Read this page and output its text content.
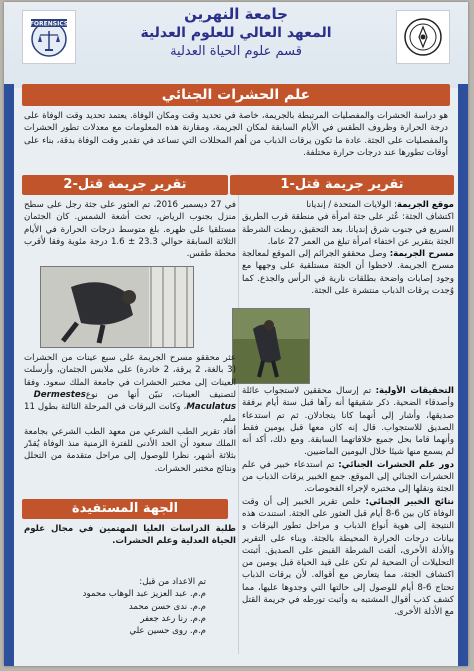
FORENSICS
جامعة النهرين
المعهد العالي للعلوم العدلية
قسم علوم الحياة العدلية
علم الحشرات الجنائي
هو دراسة الحشرات والمفصليات المرتبطة بالجريمة، خاصة في تحديد وقت ومكان الوفاة. يعتمد تحديد وقت الوفاة على درجة الحرارة وظروف الطقس في الأيام السابقة لمكان الجريمة، ومقارنة هذه المعلومات مع معدلات تطور الحشرات والمفصليات على الجثة. عادة ما تكون يرقات الذباب من أهم المحللات التي تساعد في تقدير وقت الوفاة بدقة، بناء على أوقات تطورها عند درجات حرارة مختلفة.
تقرير جريمة قتل-1
موقع الجريمة: الولايات المتحدة / إنديانا
اكتشاف الجثة: عُثر على جثة امرأة في منطقة قرب الطريق السريع في جنوب شرق إنديانا. بعد التحقيق، ربطت الشرطة الجثة بتقرير عن اختفاء امرأة تبلغ من العمر 27 عاما.
مسرح الجريمة: وصل محققو الجرائم إلى الموقع لمعالجة مسرح الجريمة. لاحظوا أن الجثة مستلقية على وجهها مع وجود إصابات واضحة بطلقات نارية في الرأس والجذع. كما وُجدت يرقات الذباب منتشرة على الجثة.
التحقيقات الأولية: تم إرسال محققين لاستجواب عائلة وأصدقاء الضحية. ذكر شقيقها أنه رآها قبل ستة أيام برفقة صديقها، وأشار إلى أنهما كانا يتجادلان. ثم تم استدعاء الصديق للاستجواب. قال إنه كان معها قبل يومين فقط وأنهما قاما بحل جميع خلافاتهما السابقة. ومع ذلك، أكد أنه لم يسمع منها شيئا خلال اليومين الماضيين.
دور علم الحشرات الجنائي: تم استدعاء خبير في علم الحشرات الجنائي إلى الموقع. جمع الخبير يرقات الذباب من الجثة ونقلها إلى مختبره لإجراء الفحوصات.
نتائج الخبير الجنائي: خلص تقرير الخبير إلى أن وقت الوفاة كان بين 6-8 أيام قبل العثور على الجثة. استندت هذه النتيجة إلى هوية أنواع الذباب و مراحل تطور اليرقات و بيانات درجات الحرارة المحيطة بالجثة. وبناء على التقرير والأدلة الأخرى، ألقت الشرطة القبض على الصديق. أثبتت التحليلات أن الضحية لم تكن على قيد الحياة قبل يومين من اكتشاف الجثة، مما يتعارض مع أقواله. لأن يرقات الذباب تحتاج 6-8 أيام للوصول إلى حالتها التي وجدوها عليها، مما كشف كذب أقوال المشتبه به وأثبت تورطه في جريمة القتل مع الأدلة الأخرى.
تقرير جريمة قتل-2
في 27 ديسمبر 2016، تم العثور على جثة رجل على سطح منزل بجنوب الرياض، تحت أشعة الشمس. كان الجثمان مستلقيا على ظهره. بلغ متوسط درجات الحرارة في الأيام الثلاثة السابقة حوالي 23.3 ± 1.6 درجة مئوية وفقا لأقرب محطة طقس.
عثر محققو مسرح الجريمة على سبع عينات من الحشرات (3 بالغة، 2 يرقة، 2 خادرة) على ملابس الجثمان، وأرسلت العينات إلى مختبر الحشرات في جامعة الملك سعود. وفقا لتصنيف العينات، تبيّن أنها من نوع Dermestes Maculatus، وكانت اليرقات في المرحلة الثالثة بطول 11 ملم.
أفاد تقرير الطب الشرعي من معهد الطب الشرعي بجامعة الملك سعود أن الحد الأدنى للفترة الزمنية منذ الوفاة يُقدّر بثلاثة أشهر، نظرا للوصول إلى مراحل متقدمة من التحلل ونتائج مختبر الحشرات.
الجهة المستفيدة
طلبة الدراسات العليا المهتمين في مجال علوم الحياة العدلية وعلم الحشرات.
تم الاعداد من قبل:
م.م. عبد العزيز عبد الوهاب محمود
م.م. ندى حسن محمد
م.م. رنا رعد جعفر
م.م. روى حسين علي
